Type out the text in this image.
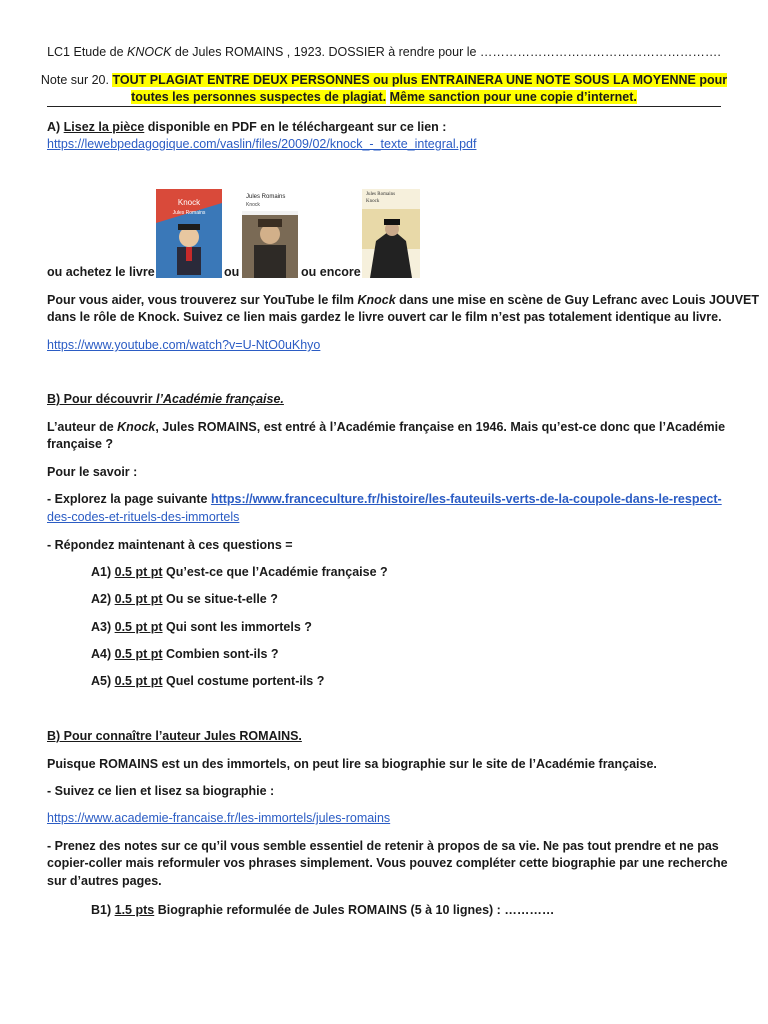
LC1 Etude de KNOCK de Jules ROMAINS , 1923. DOSSIER à rendre pour le ………………………………………………….
Note sur 20. TOUT PLAGIAT ENTRE DEUX PERSONNES ou plus ENTRAINERA UNE NOTE SOUS LA MOYENNE pour
toutes les personnes suspectes de plagiat. Même sanction pour une copie d’internet.
A) Lisez la pièce disponible en PDF en le téléchargeant sur ce lien :
https://lewebpedagogique.com/vaslin/files/2009/02/knock_-_texte_integral.pdf
Knock
Jules Romains
Jules Romains
Knock
Jules Romains
Knock
ou achetez le livre	ou	ou encore
Pour vous aider, vous trouverez sur YouTube le film Knock dans une mise en scène de Guy Lefranc avec Louis JOUVET
dans le rôle de Knock. Suivez ce lien mais gardez le livre ouvert car le film n’est pas totalement identique au livre.
https://www.youtube.com/watch?v=U-NtO0uKhyo
B) Pour découvrir l’Académie française.
L’auteur de Knock, Jules ROMAINS, est entré à l’Académie française en 1946. Mais qu’est-ce donc que l’Académie
française ?
Pour le savoir :
- Explorez la page suivante https://www.franceculture.fr/histoire/les-fauteuils-verts-de-la-coupole-dans-le-respect-
des-codes-et-rituels-des-immortels
- Répondez maintenant à ces questions =
A1) 0.5 pt pt Qu’est-ce que l’Académie française ?
A2) 0.5 pt pt Ou se situe-t-elle ?
A3) 0.5 pt pt Qui sont les immortels ?
A4) 0.5 pt pt Combien sont-ils ?
A5) 0.5 pt pt Quel costume portent-ils ?
B) Pour connaître l’auteur Jules ROMAINS.
Puisque ROMAINS est un des immortels, on peut lire sa biographie sur le site de l’Académie française.
- Suivez ce lien et lisez sa biographie :
https://www.academie-francaise.fr/les-immortels/jules-romains
- Prenez des notes sur ce qu’il vous semble essentiel de retenir à propos de sa vie. Ne pas tout prendre et ne pas
copier-coller mais reformuler vos phrases simplement. Vous pouvez compléter cette biographie par une recherche
sur d’autres pages.
B1) 1.5 pts Biographie reformulée de Jules ROMAINS (5 à 10 lignes) : …………
